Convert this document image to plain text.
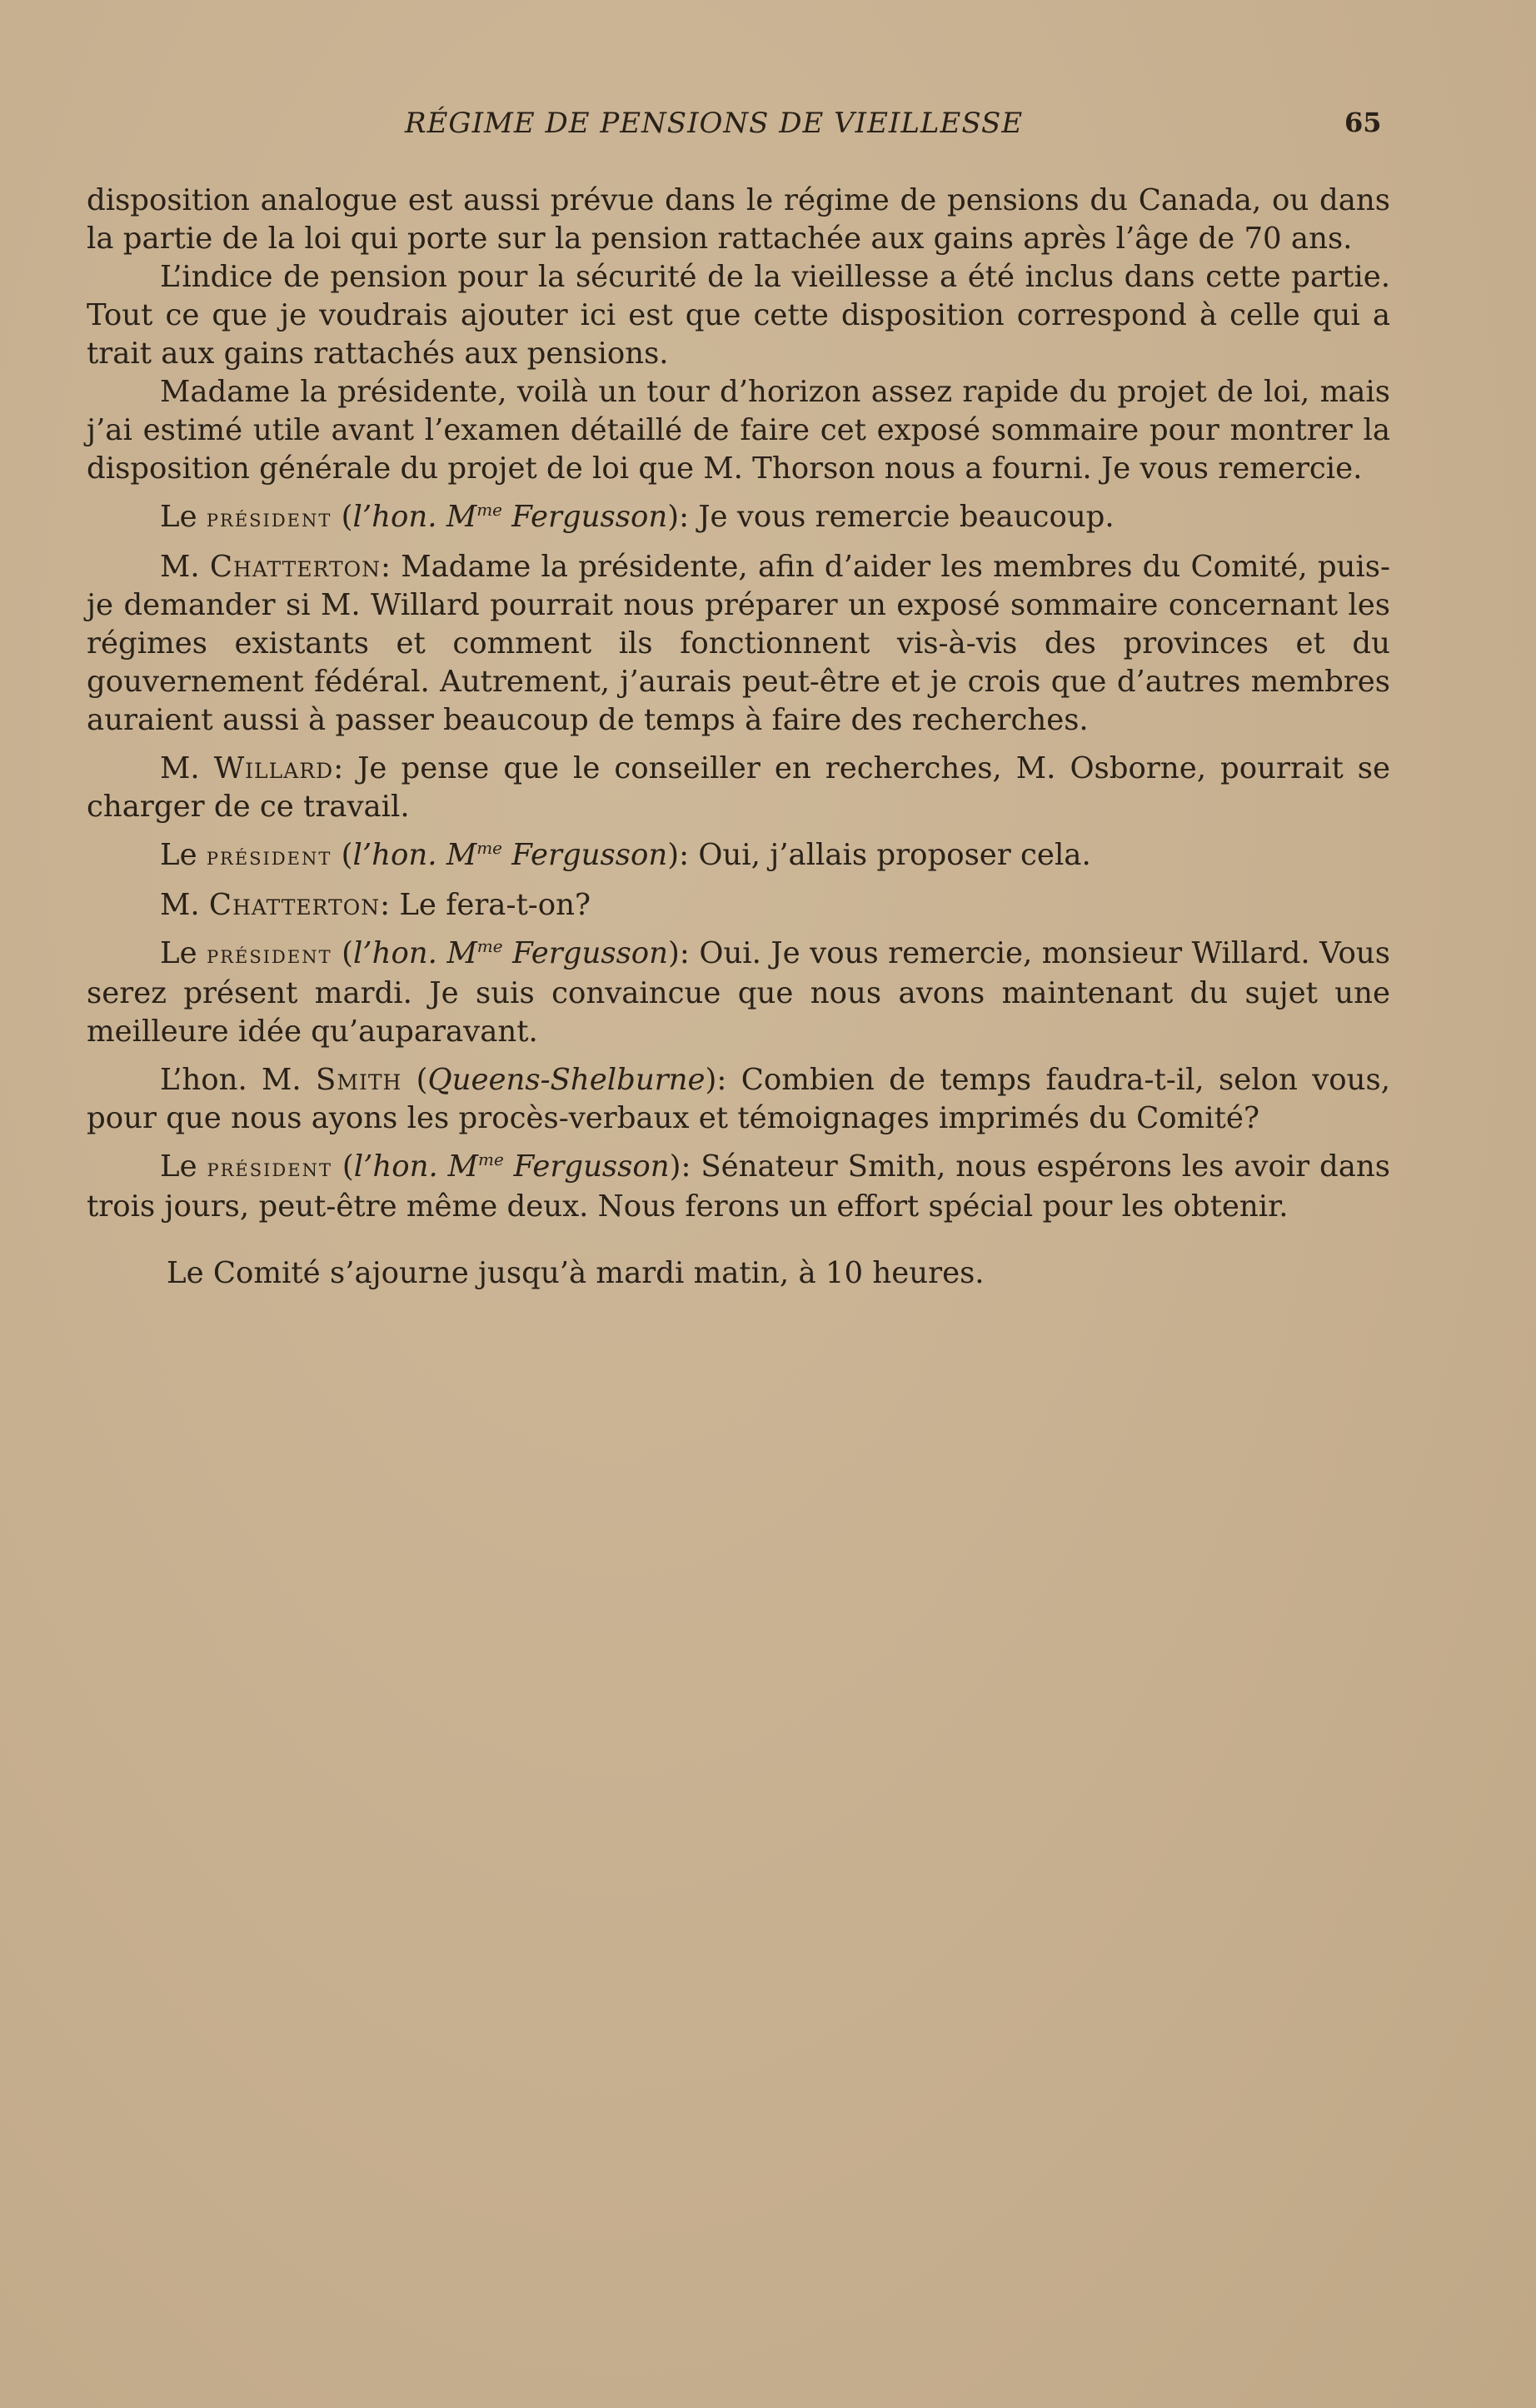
RÉGIME DE PENSIONS DE VIEILLESSE	65

disposition analogue est aussi prévue dans le régime de pensions du Canada, ou dans la partie de la loi qui porte sur la pension rattachée aux gains après l’âge de 70 ans.

L’indice de pension pour la sécurité de la vieillesse a été inclus dans cette partie. Tout ce que je voudrais ajouter ici est que cette disposition correspond à celle qui a trait aux gains rattachés aux pensions.

Madame la présidente, voilà un tour d’horizon assez rapide du projet de loi, mais j’ai estimé utile avant l’examen détaillé de faire cet exposé sommaire pour montrer la disposition générale du projet de loi que M. Thorson nous a fourni. Je vous remercie.

Le président (l’hon. $M^{me}$ Fergusson): Je vous remercie beaucoup.

M. Chatterton: Madame la présidente, afin d’aider les membres du Comité, puis-je demander si M. Willard pourrait nous préparer un exposé sommaire concernant les régimes existants et comment ils fonctionnent vis-à-vis des provinces et du gouvernement fédéral. Autrement, j’aurais peut-être et je crois que d’autres membres auraient aussi à passer beaucoup de temps à faire des recherches.

M. Willard: Je pense que le conseiller en recherches, M. Osborne, pourrait se charger de ce travail.

Le président (l’hon. $M^{me}$ Fergusson): Oui, j’allais proposer cela.

M. Chatterton: Le fera-t-on?

Le président (l’hon. $M^{me}$ Fergusson): Oui. Je vous remercie, monsieur Willard. Vous serez présent mardi. Je suis convaincue que nous avons maintenant du sujet une meilleure idée qu’auparavant.

L’hon. M. Smith (Queens-Shelburne): Combien de temps faudra-t-il, selon vous, pour que nous ayons les procès-verbaux et témoignages imprimés du Comité?

Le président (l’hon. $M^{me}$ Fergusson): Sénateur Smith, nous espérons les avoir dans trois jours, peut-être même deux. Nous ferons un effort spécial pour les obtenir.

Le Comité s’ajourne jusqu’à mardi matin, à 10 heures.
